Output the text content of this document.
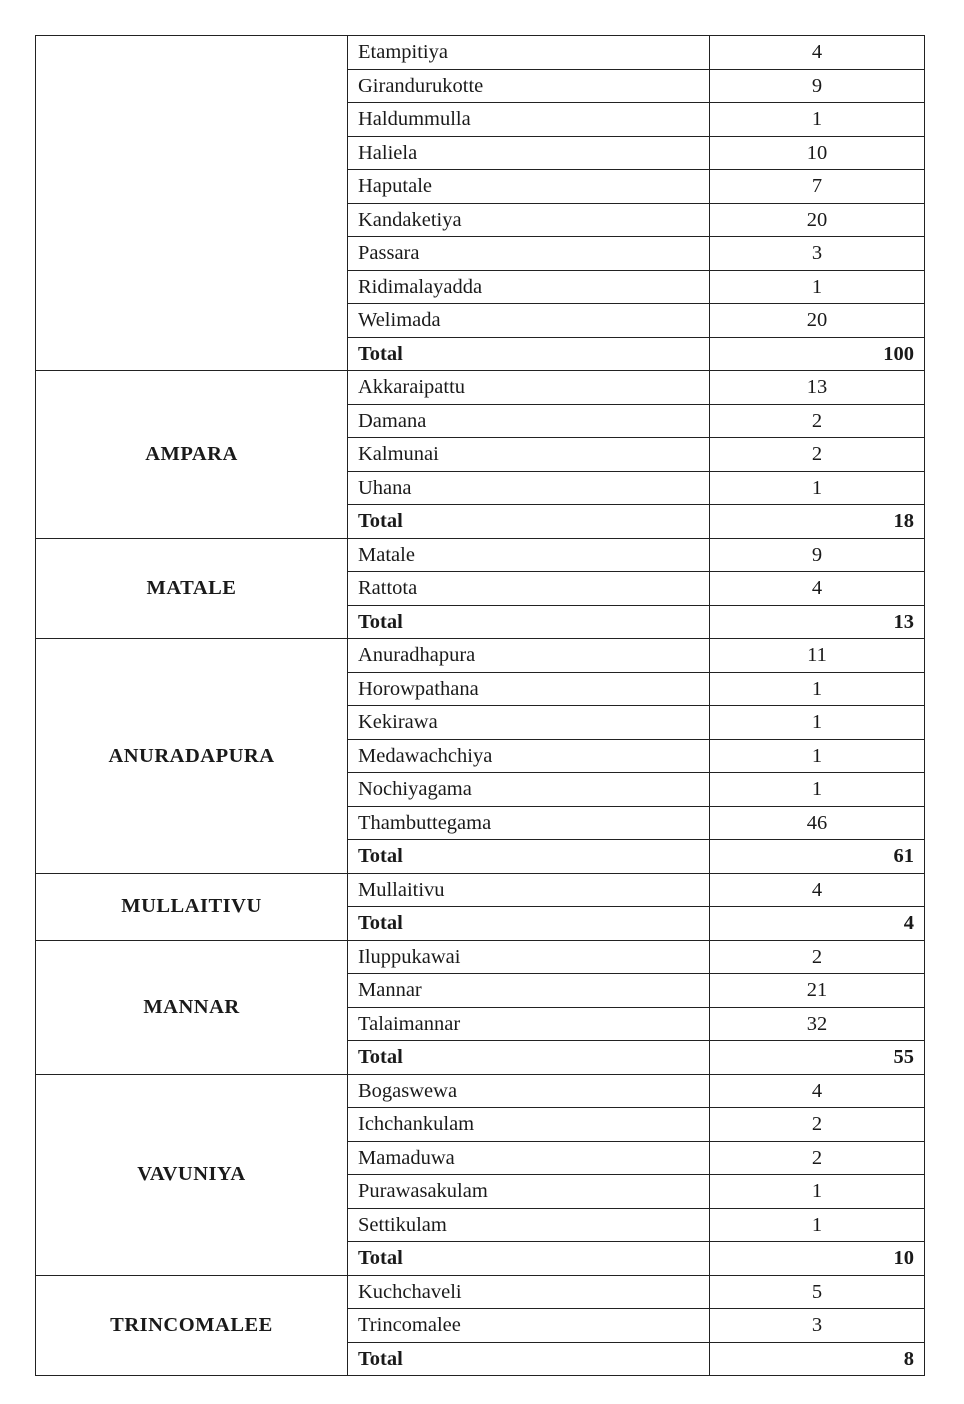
	Etampitiya	4
	Girandurukotte	9
	Haldummulla	1
	Haliela	10
	Haputale	7
	Kandaketiya	20
	Passara	3
	Ridimalayadda	1
	Welimada	20
	Total	100
AMPARA	Akkaraipattu	13
	Damana	2
	Kalmunai	2
	Uhana	1
	Total	18
MATALE	Matale	9
	Rattota	4
	Total	13
ANURADAPURA	Anuradhapura	11
	Horowpathana	1
	Kekirawa	1
	Medawachchiya	1
	Nochiyagama	1
	Thambuttegama	46
	Total	61
MULLAITIVU	Mullaitivu	4
	Total	4
MANNAR	Iluppukawai	2
	Mannar	21
	Talaimannar	32
	Total	55
VAVUNIYA	Bogaswewa	4
	Ichchankulam	2
	Mamaduwa	2
	Purawasakulam	1
	Settikulam	1
	Total	10
TRINCOMALEE	Kuchchaveli	5
	Trincomalee	3
	Total	8
